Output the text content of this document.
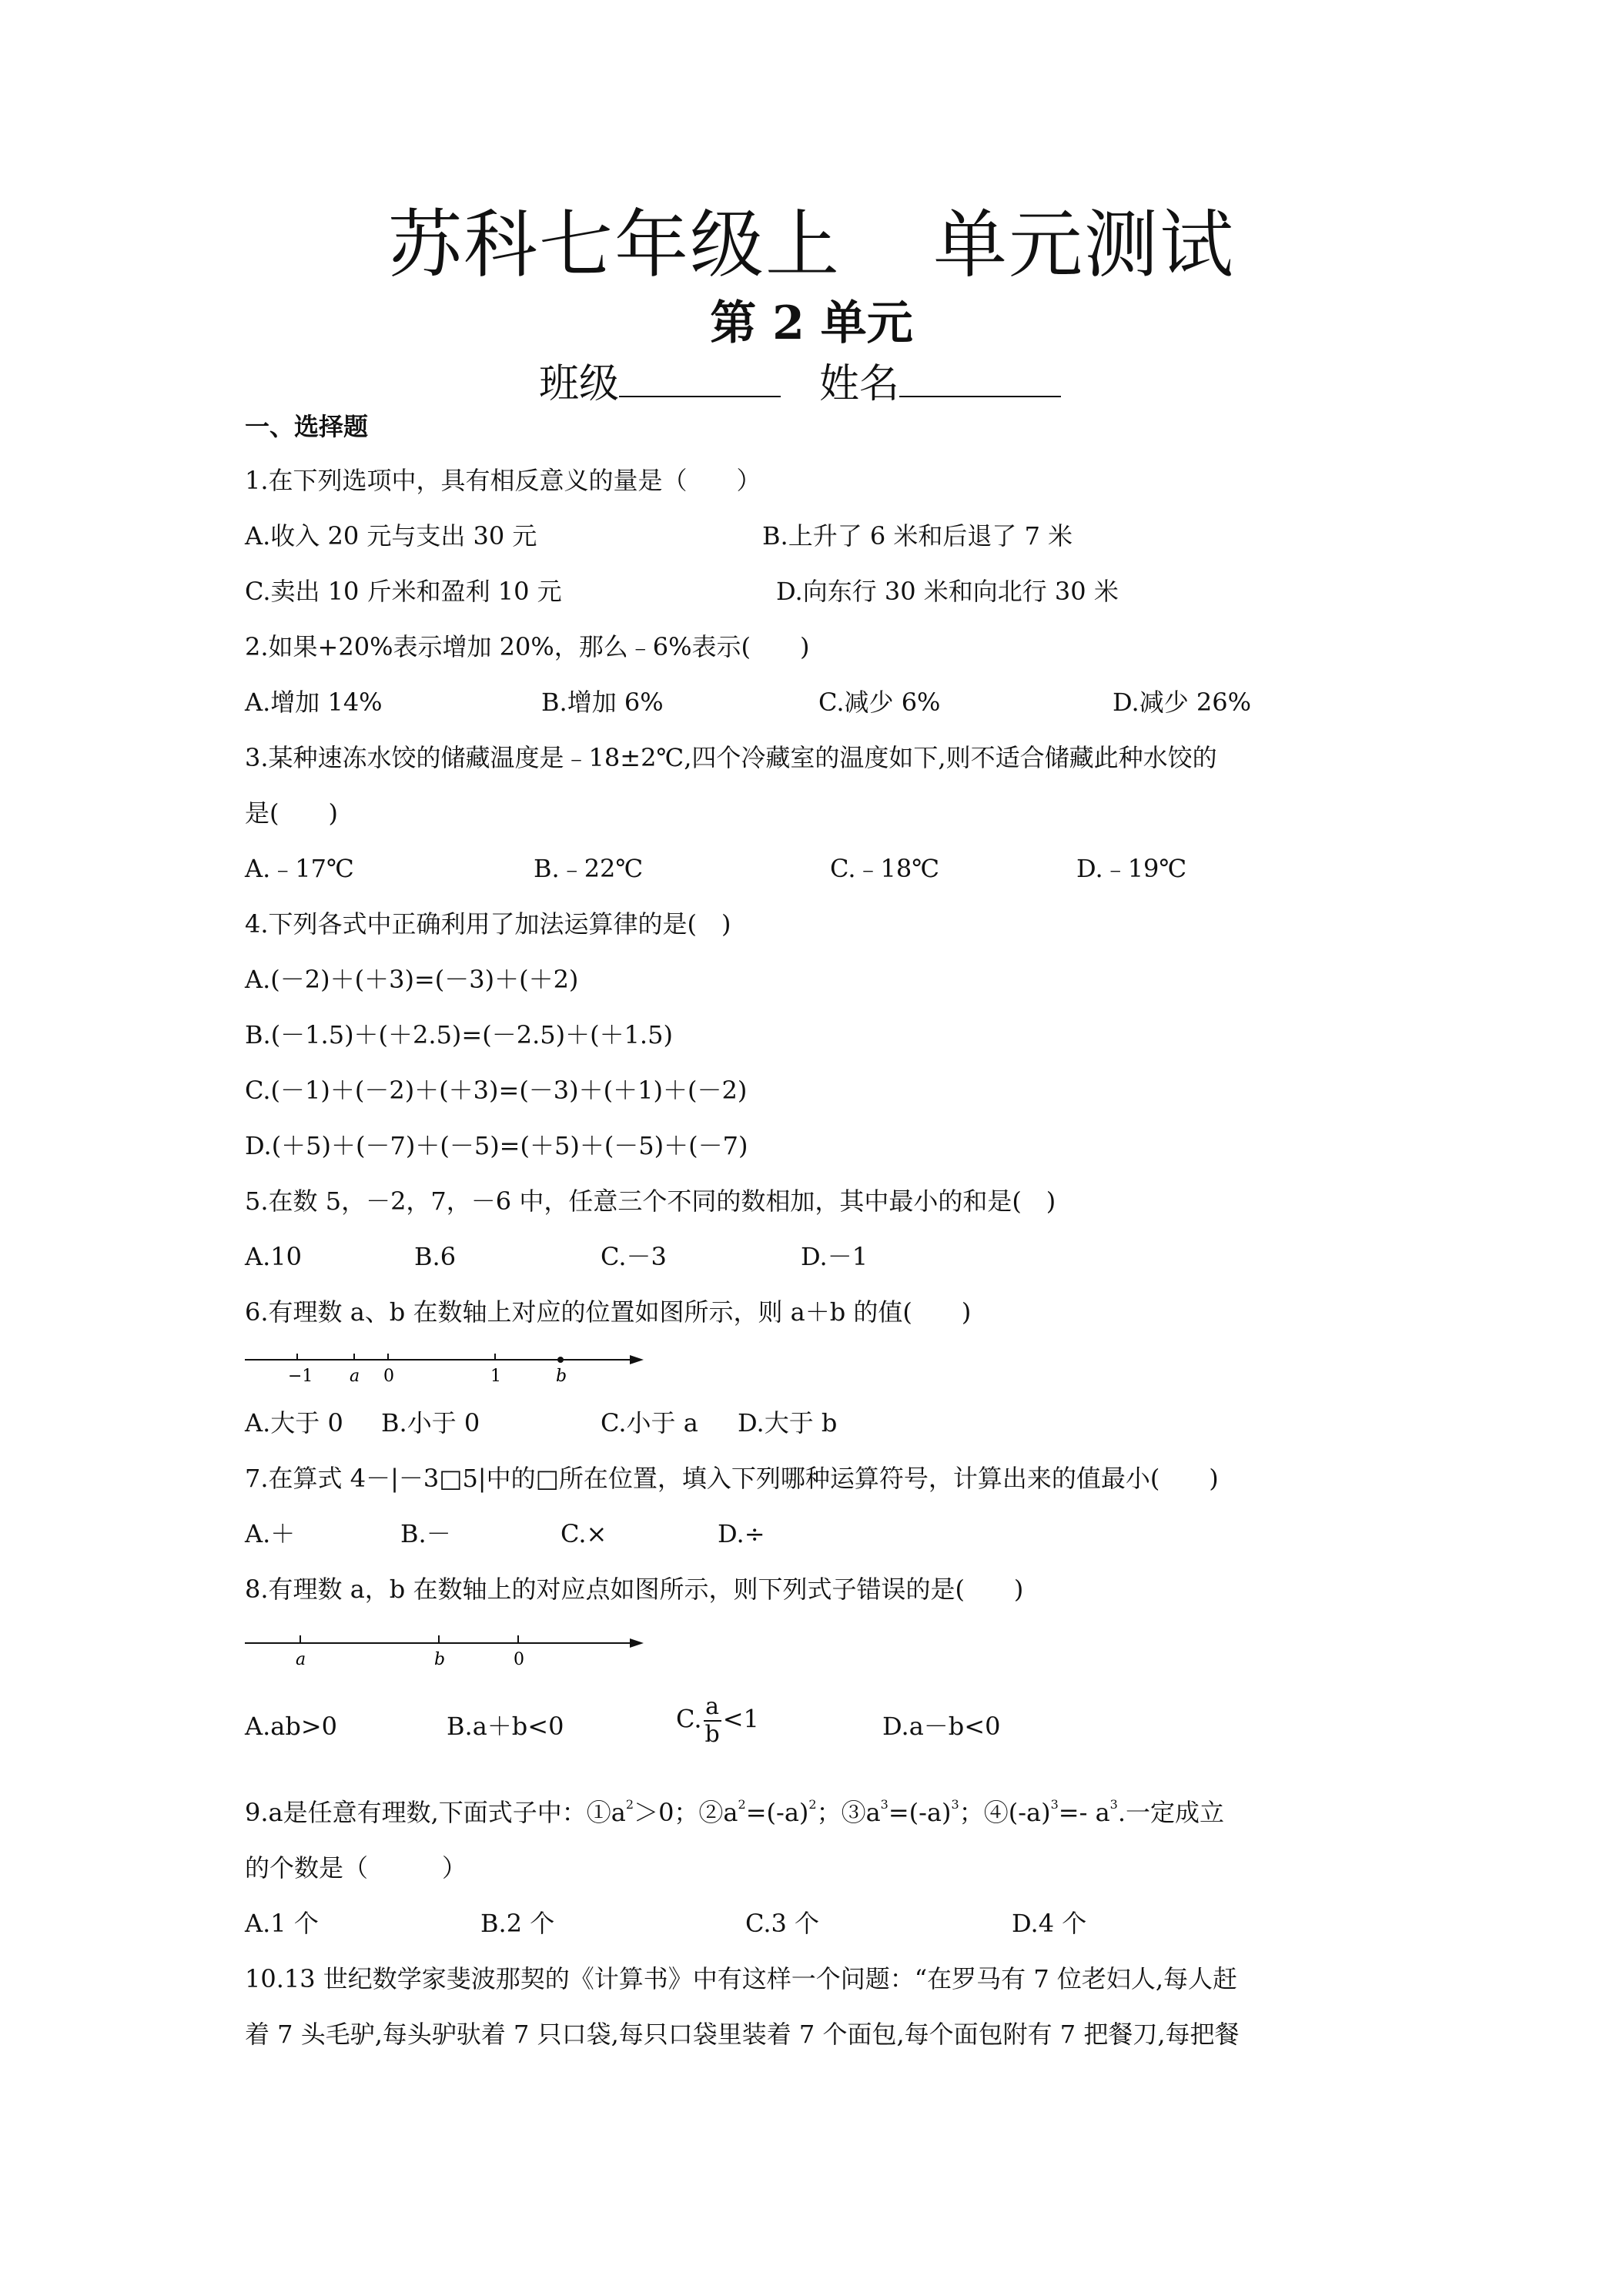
苏科七年级上 单元测试
第 2 单元
班级	姓名
一、选择题
1.在下列选项中，具有相反意义的量是（　　）
A.收入 20 元与支出 30 元	B.上升了 6 米和后退了 7 米
C.卖出 10 斤米和盈利 10 元	D.向东行 30 米和向北行 30 米
2.如果+20%表示增加 20%，那么﹣6%表示(　　)
A.增加 14%	B.增加 6%	C.减少 6%	D.减少 26%
3.某种速冻水饺的储藏温度是﹣18±2℃,四个冷藏室的温度如下,则不适合储藏此种水饺的
是(　　)
A.﹣17℃	B.﹣22℃	C.﹣18℃	D.﹣19℃
4.下列各式中正确利用了加法运算律的是(　)
A.(－2)＋(＋3)=(－3)＋(＋2)
B.(－1.5)＋(＋2.5)=(－2.5)＋(＋1.5)
C.(－1)＋(－2)＋(＋3)=(－3)＋(＋1)＋(－2)
D.(＋5)＋(－7)＋(－5)=(＋5)＋(－5)＋(－7)
5.在数 5，－2，7，－6 中，任意三个不同的数相加，其中最小的和是(　)
A.10	B.6	C.－3	D.－1
6.有理数 a、b 在数轴上对应的位置如图所示，则 a＋b 的值(　　)
−1 a 0	1	b
A.大于 0 B.小于 0	C.小于 a D.大于 b
7.在算式 4－|－3□5|中的□所在位置，填入下列哪种运算符号，计算出来的值最小(　　)
A.＋	B.－	C.×	D.÷
8.有理数 a，b 在数轴上的对应点如图所示，则下列式子错误的是(　　)
a	b	0
A.ab>0	B.a＋b<0	C. $\frac{a}{b} <1$	D.a－b<0
9.a是任意有理数,下面式子中：$①a^2>0$；$②a^2=(-a)^2$；$③a^3=(-a)^3$；$④(-a)^3=-$ $a^3$.一定成立
的个数是（　　　）
A.1 个	B.2 个	C.3 个	D.4 个
10.13 世纪数学家斐波那契的《计算书》中有这样一个问题：“在罗马有 7 位老妇人,每人赶
着 7 头毛驴,每头驴驮着 7 只口袋,每只口袋里装着 7 个面包,每个面包附有 7 把餐刀,每把餐
